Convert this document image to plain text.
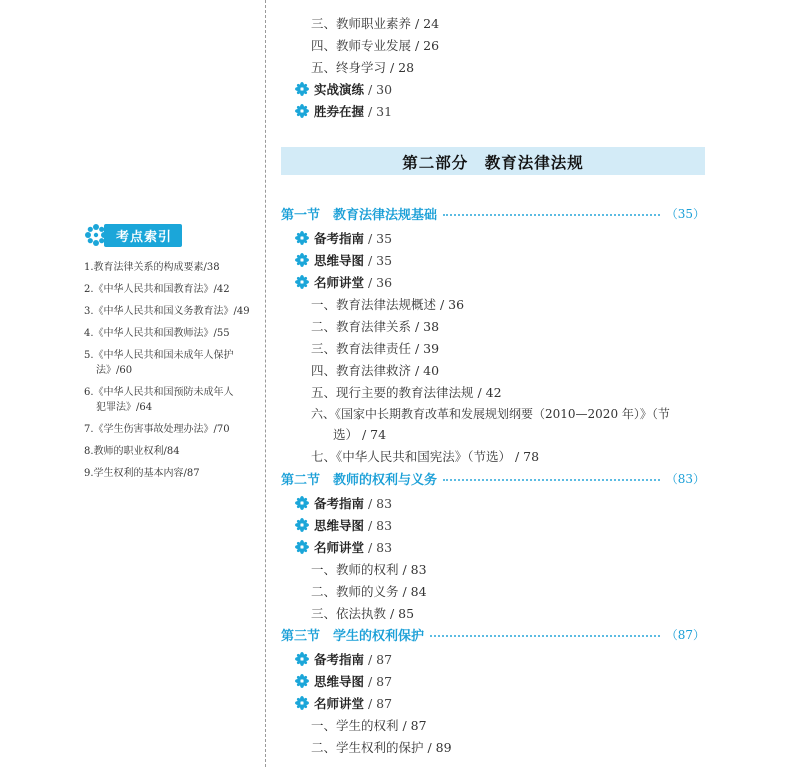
考点索引
1.教育法律关系的构成要素/38
2.《中华人民共和国教育法》/42
3.《中华人民共和国义务教育法》/49
4.《中华人民共和国教师法》/55
5.《中华人民共和国未成年人保护
法》/60
6.《中华人民共和国预防未成年人
犯罪法》/64
7.《学生伤害事故处理办法》/70
8.教师的职业权利/84
9.学生权利的基本内容/87
三、教师职业素养 / 24
四、教师专业发展 / 26
五、终身学习 / 28
实战演练 / 30
胜券在握 / 31
第二部分　教育法律法规
第一节　教育法律法规基础	（35）
备考指南 / 35
思维导图 / 35
名师讲堂 / 36
一、教育法律法规概述 / 36
二、教育法律关系 / 38
三、教育法律责任 / 39
四、教育法律救济 / 40
五、现行主要的教育法律法规 / 42
六、《国家中长期教育改革和发展规划纲要（2010—2020 年）》（节
选） / 74
七、《中华人民共和国宪法》（节选） / 78
第二节　教师的权利与义务	（83）
备考指南 / 83
思维导图 / 83
名师讲堂 / 83
一、教师的权利 / 83
二、教师的义务 / 84
三、依法执教 / 85
第三节　学生的权利保护	（87）
备考指南 / 87
思维导图 / 87
名师讲堂 / 87
一、学生的权利 / 87
二、学生权利的保护 / 89
